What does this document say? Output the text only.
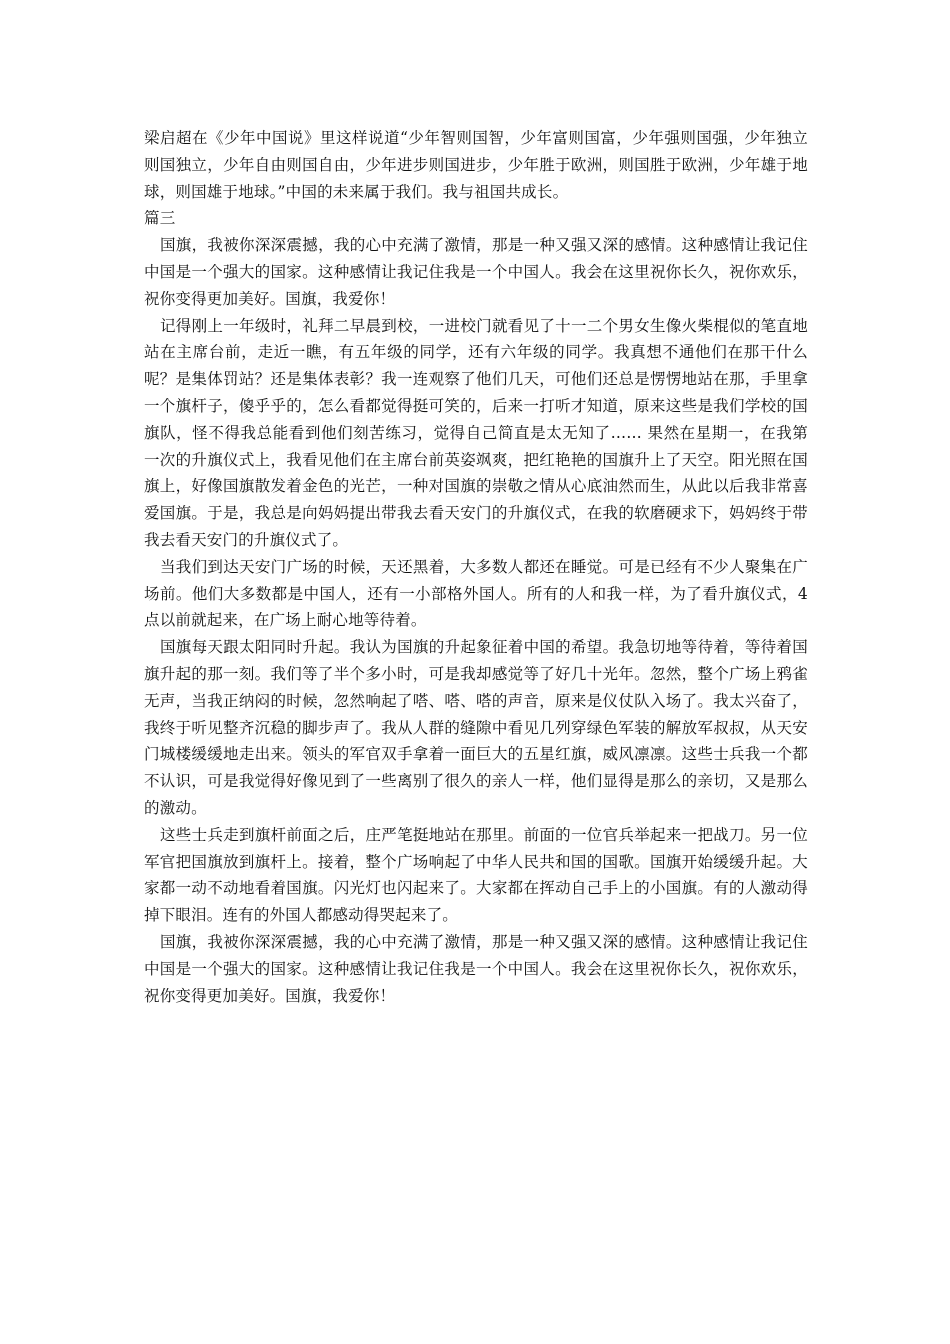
梁启超在《少年中国说》里这样说道“少年智则国智，少年富则国富，少年强则国强，少年独立则国独立，少年自由则国自由，少年进步则国进步，少年胜于欧洲，则国胜于欧洲，少年雄于地球，则国雄于地球。”中国的未来属于我们。我与祖国共成长。

篇三

国旗，我被你深深震撼，我的心中充满了激情，那是一种又强又深的感情。这种感情让我记住中国是一个强大的国家。这种感情让我记住我是一个中国人。我会在这里祝你长久，祝你欢乐，祝你变得更加美好。国旗，我爱你！

记得刚上一年级时，礼拜二早晨到校，一进校门就看见了十一二个男女生像火柴棍似的笔直地站在主席台前，走近一瞧，有五年级的同学，还有六年级的同学。我真想不通他们在那干什么呢？是集体罚站？还是集体表彰？我一连观察了他们几天，可他们还总是愣愣地站在那，手里拿一个旗杆子，傻乎乎的，怎么看都觉得挺可笑的，后来一打听才知道，原来这些是我们学校的国旗队，怪不得我总能看到他们刻苦练习，觉得自己简直是太无知了…… 果然在星期一，在我第一次的升旗仪式上，我看见他们在主席台前英姿飒爽，把红艳艳的国旗升上了天空。阳光照在国旗上，好像国旗散发着金色的光芒，一种对国旗的崇敬之情从心底油然而生，从此以后我非常喜爱国旗。于是，我总是向妈妈提出带我去看天安门的升旗仪式，在我的软磨硬求下，妈妈终于带我去看天安门的升旗仪式了。

当我们到达天安门广场的时候，天还黑着，大多数人都还在睡觉。可是已经有不少人聚集在广场前。他们大多数都是中国人，还有一小部格外国人。所有的人和我一样，为了看升旗仪式，4点以前就起来，在广场上耐心地等待着。

国旗每天跟太阳同时升起。我认为国旗的升起象征着中国的希望。我急切地等待着，等待着国旗升起的那一刻。我们等了半个多小时，可是我却感觉等了好几十光年。忽然，整个广场上鸦雀无声，当我正纳闷的时候，忽然响起了嗒、嗒、嗒的声音，原来是仪仗队入场了。我太兴奋了，我终于听见整齐沉稳的脚步声了。我从人群的缝隙中看见几列穿绿色军装的解放军叔叔，从天安门城楼缓缓地走出来。领头的军官双手拿着一面巨大的五星红旗，威风凛凛。这些士兵我一个都不认识，可是我觉得好像见到了一些离别了很久的亲人一样，他们显得是那么的亲切，又是那么的激动。

这些士兵走到旗杆前面之后，庄严笔挺地站在那里。前面的一位官兵举起来一把战刀。另一位军官把国旗放到旗杆上。接着，整个广场响起了中华人民共和国的国歌。国旗开始缓缓升起。大家都一动不动地看着国旗。闪光灯也闪起来了。大家都在挥动自己手上的小国旗。有的人激动得掉下眼泪。连有的外国人都感动得哭起来了。

国旗，我被你深深震撼，我的心中充满了激情，那是一种又强又深的感情。这种感情让我记住中国是一个强大的国家。这种感情让我记住我是一个中国人。我会在这里祝你长久，祝你欢乐，祝你变得更加美好。国旗，我爱你！
